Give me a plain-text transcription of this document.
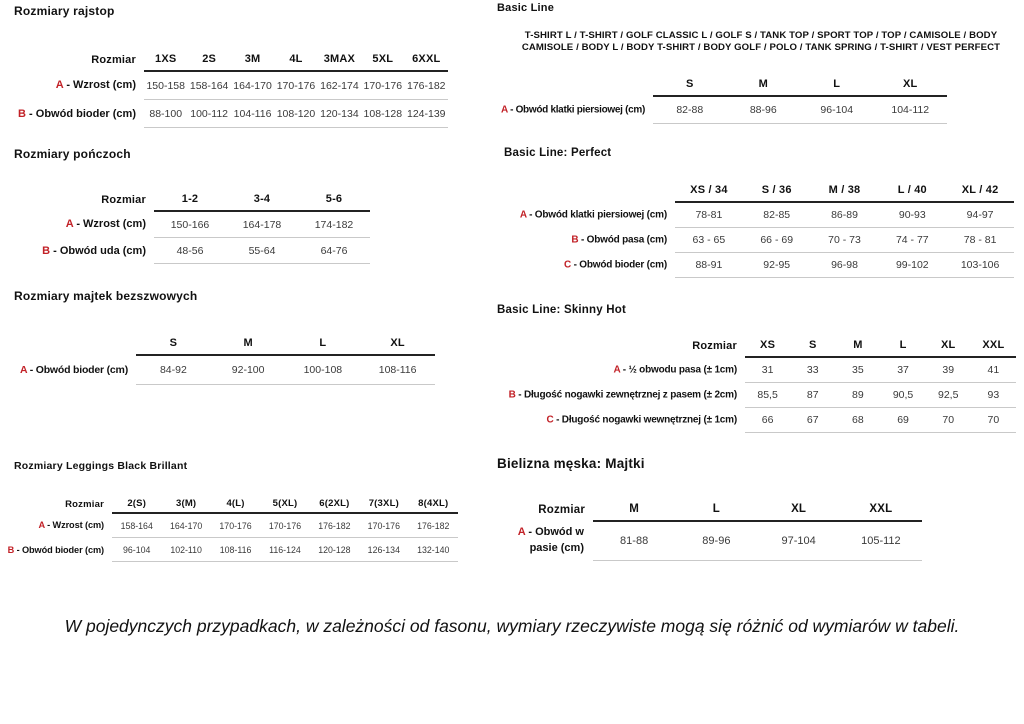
Rozmiary rajstop
Rozmiar	1XS	2S	3M	4L	3MAX	5XL	6XXL

A - Wzrost (cm)	150-158	158-164	164-170	170-176	162-174	170-176	176-182

B - Obwód bioder (cm)	88-100	100-112	104-116	108-120	120-134	108-128	124-139
Rozmiary pończoch
Rozmiar	1-2	3-4	5-6

A - Wzrost (cm)	150-166	164-178	174-182

B - Obwód uda (cm)	48-56	55-64	64-76
Rozmiary majtek bezszwowych
	S	M	L	XL

A - Obwód bioder (cm)	84-92	92-100	100-108	108-116
Rozmiary Leggings Black Brillant
Rozmiar	2(S)	3(M)	4(L)	5(XL)	6(2XL)	7(3XL)	8(4XL)

A - Wzrost (cm)	158-164	164-170	170-176	170-176	176-182	170-176	176-182

B - Obwód bioder (cm)	96-104	102-110	108-116	116-124	120-128	126-134	132-140
Basic Line
T-SHIRT L / T-SHIRT / GOLF CLASSIC L / GOLF S / TANK TOP / SPORT TOP / TOP / CAMISOLE / BODY CAMISOLE / BODY L / BODY T-SHIRT / BODY GOLF / POLO / TANK SPRING / T-SHIRT / VEST PERFECT
	S	M	L	XL

A - Obwód klatki piersiowej (cm)	82-88	88-96	96-104	104-112
Basic Line: Perfect
	XS / 34	S / 36	M / 38	L / 40	XL / 42

A - Obwód klatki piersiowej (cm)	78-81	82-85	86-89	90-93	94-97

B - Obwód pasa (cm)	63 - 65	66 - 69	70 - 73	74 - 77	78 - 81

C - Obwód bioder (cm)	88-91	92-95	96-98	99-102	103-106
Basic Line: Skinny Hot
Rozmiar	XS	S	M	L	XL	XXL

A - ½ obwodu pasa (± 1cm)	31	33	35	37	39	41

B - Długość nogawki zewnętrznej z pasem (± 2cm)	85,5	87	89	90,5	92,5	93

C - Długość nogawki wewnętrznej (± 1cm)	66	67	68	69	70	70
Bielizna męska: Majtki
Rozmiar	M	L	XL	XXL

A - Obwód w pasie (cm)	81-88	89-96	97-104	105-112
W pojedynczych przypadkach, w zależności od fasonu, wymiary rzeczywiste mogą się różnić od wymiarów w tabeli.
